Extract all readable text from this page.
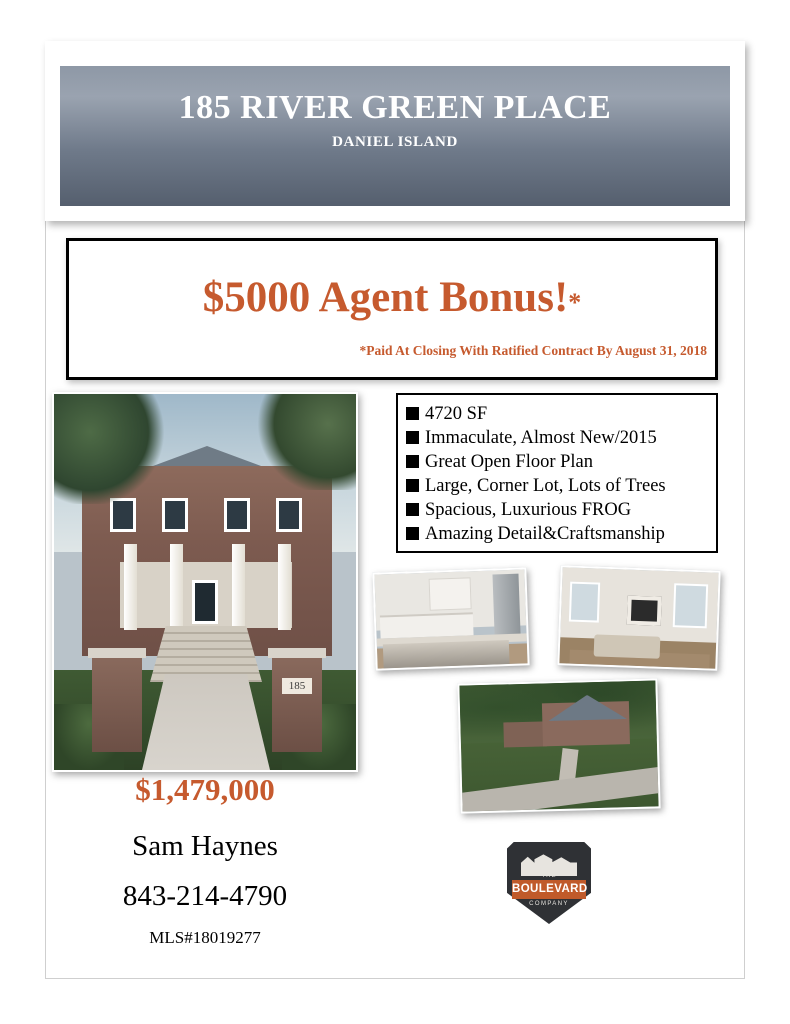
185 RIVER GREEN PLACE
DANIEL ISLAND
$5000 Agent Bonus!*
*Paid At Closing With Ratified Contract By August 31, 2018
4720 SF
Immaculate, Almost New/2015
Great Open Floor Plan
Large, Corner Lot, Lots of Trees
Spacious, Luxurious FROG
Amazing Detail&Craftsmanship
185
$1,479,000
Sam Haynes
843-214-4790
MLS#18019277
THE
BOULEVARD
COMPANY
